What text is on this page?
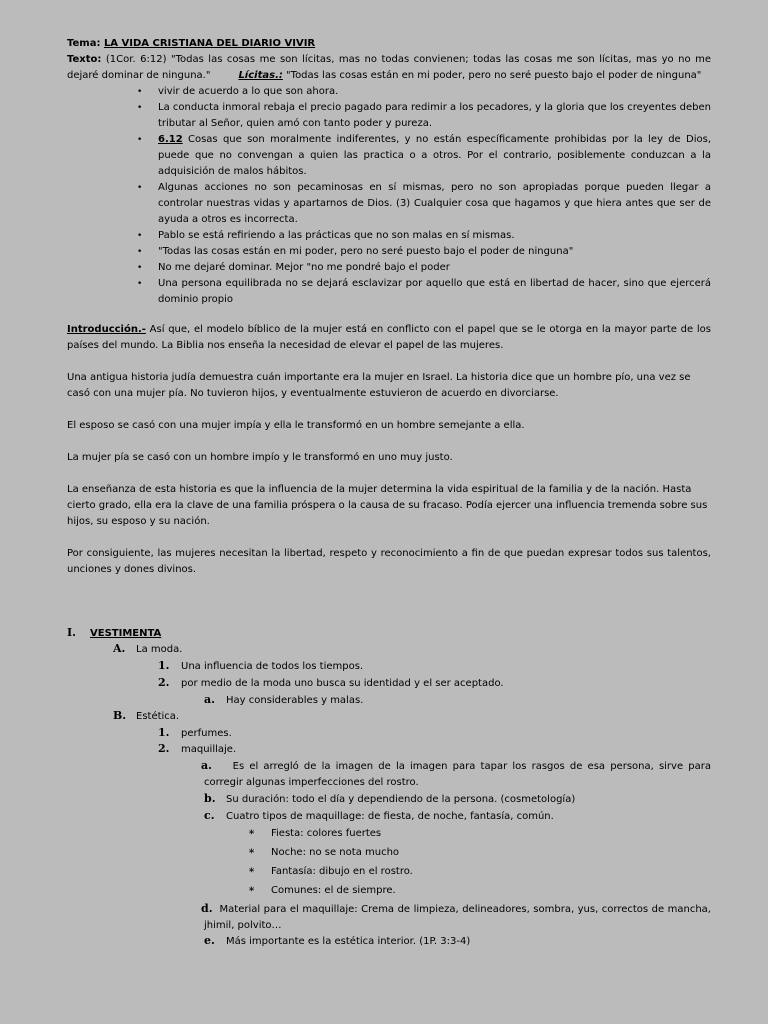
Tema: LA VIDA CRISTIANA DEL DIARIO VIVIR

Texto: (1Cor. 6:12) "Todas las cosas me son lícitas, mas no todas convienen; todas las cosas me son lícitas, mas yo no me dejaré dominar de ninguna."	Lícitas.: "Todas las cosas están en mi poder, pero no seré puesto bajo el poder de ninguna"

• vivir de acuerdo a lo que son ahora.
• La conducta inmoral rebaja el precio pagado para redimir a los pecadores, y la gloria que los creyentes deben tributar al Señor, quien amó con tanto poder y pureza.
• 6.12 Cosas que son moralmente indiferentes, y no están específicamente prohibidas por la ley de Dios, puede que no convengan a quien las practica o a otros. Por el contrario, posiblemente conduzcan a la adquisición de malos hábitos.
• Algunas acciones no son pecaminosas en sí mismas, pero no son apropiadas porque pueden llegar a controlar nuestras vidas y apartarnos de Dios. (3) Cualquier cosa que hagamos y que hiera antes que ser de ayuda a otros es incorrecta.
• Pablo se está refiriendo a las prácticas que no son malas en sí mismas.
• "Todas las cosas están en mi poder, pero no seré puesto bajo el poder de ninguna"
• No me dejaré dominar. Mejor "no me pondré bajo el poder
• Una persona equilibrada no se dejará esclavizar por aquello que está en libertad de hacer, sino que ejercerá dominio propio

Introducción.- Así que, el modelo bíblico de la mujer está en conflicto con el papel que se le otorga en la mayor parte de los países del mundo. La Biblia nos enseña la necesidad de elevar el papel de las mujeres.

Una antigua historia judía demuestra cuán importante era la mujer en Israel. La historia dice que un hombre pío, una vez se casó con una mujer pía. No tuvieron hijos, y eventualmente estuvieron de acuerdo en divorciarse.

El esposo se casó con una mujer impía y ella le transformó en un hombre semejante a ella.

La mujer pía se casó con un hombre impío y le transformó en uno muy justo.

La enseñanza de esta historia es que la influencia de la mujer determina la vida espiritual de la familia y de la nación. Hasta cierto grado, ella era la clave de una familia próspera o la causa de su fracaso. Podía ejercer una influencia tremenda sobre sus hijos, su esposo y su nación.

Por consiguiente, las mujeres necesitan la libertad, respeto y reconocimiento a fin de que puedan expresar todos sus talentos, unciones y dones divinos.

I. VESTIMENTA
A. La moda.
1. Una influencia de todos los tiempos.
2. por medio de la moda uno busca su identidad y el ser aceptado.
a. Hay considerables y malas.
B. Estética.
1. perfumes.
2. maquillaje.

a. Es el arregló de la imagen de la imagen para tapar los rasgos de esa persona, sirve para corregir algunas imperfecciones del rostro.

b. Su duración: todo el día y dependiendo de la persona. (cosmetología)
c. Cuatro tipos de maquillage: de fiesta, de noche, fantasía, común.
* Fiesta: colores fuertes
* Noche: no se nota mucho
* Fantasía: dibujo en el rostro.
* Comunes: el de siempre.

d. Material para el maquillaje: Crema de limpieza, delineadores, sombra, yus, correctos de mancha, jhimil, polvito…

e. Más importante es la estética interior. (1P. 3:3-4)
